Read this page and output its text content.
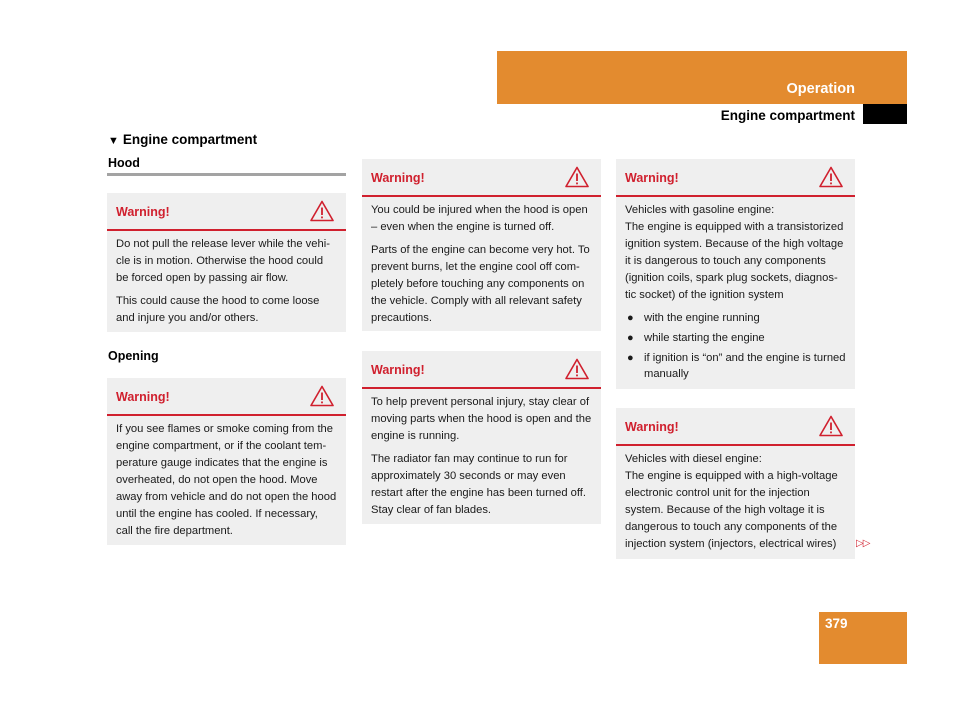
Operation
Engine compartment
▼ Engine compartment
Hood
Warning!

Do not pull the release lever while the vehi-cle is in motion. Otherwise the hood could be forced open by passing air flow.

This could cause the hood to come loose and injure you and/or others.

Opening
Warning!

If you see flames or smoke coming from the engine compartment, or if the coolant tem-perature gauge indicates that the engine is overheated, do not open the hood. Move away from vehicle and do not open the hood until the engine has cooled. If necessary, call the fire department.

Warning!

You could be injured when the hood is open – even when the engine is turned off.

Parts of the engine can become very hot. To prevent burns, let the engine cool off com-pletely before touching any components on the vehicle. Comply with all relevant safety precautions.

Warning!

To help prevent personal injury, stay clear of moving parts when the hood is open and the engine is running.

The radiator fan may continue to run for approximately 30 seconds or may even restart after the engine has been turned off. Stay clear of fan blades.

Warning!
Vehicles with gasoline engine:

The engine is equipped with a transistorized ignition system. Because of the high voltage it is dangerous to touch any components (ignition coils, spark plug sockets, diagnos-tic socket) of the ignition system

● with the engine running
● while starting the engine
● if ignition is “on” and the engine is turned manually
Warning!
Vehicles with diesel engine:

The engine is equipped with a high-voltage electronic control unit for the injection system. Because of the high voltage it is dangerous to touch any components of the injection system (injectors, electrical wires)	▷▷
379
